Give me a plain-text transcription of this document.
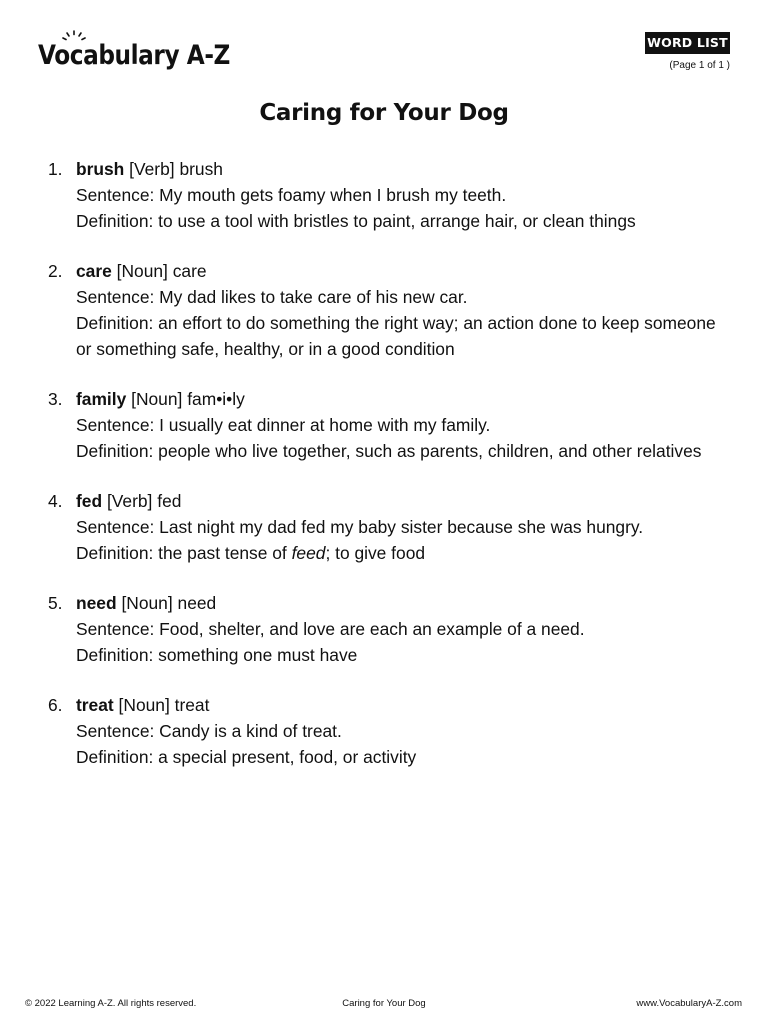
Vocabulary A-Z	WORD LIST
(Page 1 of 1 )
Caring for Your Dog
1. brush [Verb] brush
Sentence: My mouth gets foamy when I brush my teeth.
Definition: to use a tool with bristles to paint, arrange hair, or clean things
2. care [Noun] care
Sentence: My dad likes to take care of his new car.
Definition: an effort to do something the right way; an action done to keep someone or something safe, healthy, or in a good condition
3. family [Noun] fam•i•ly
Sentence: I usually eat dinner at home with my family.
Definition: people who live together, such as parents, children, and other relatives
4. fed [Verb] fed
Sentence: Last night my dad fed my baby sister because she was hungry.
Definition: the past tense of feed; to give food
5. need [Noun] need
Sentence: Food, shelter, and love are each an example of a need.
Definition: something one must have
6. treat [Noun] treat
Sentence: Candy is a kind of treat.
Definition: a special present, food, or activity
© 2022 Learning A-Z. All rights reserved.	Caring for Your Dog	www.VocabularyA-Z.com
